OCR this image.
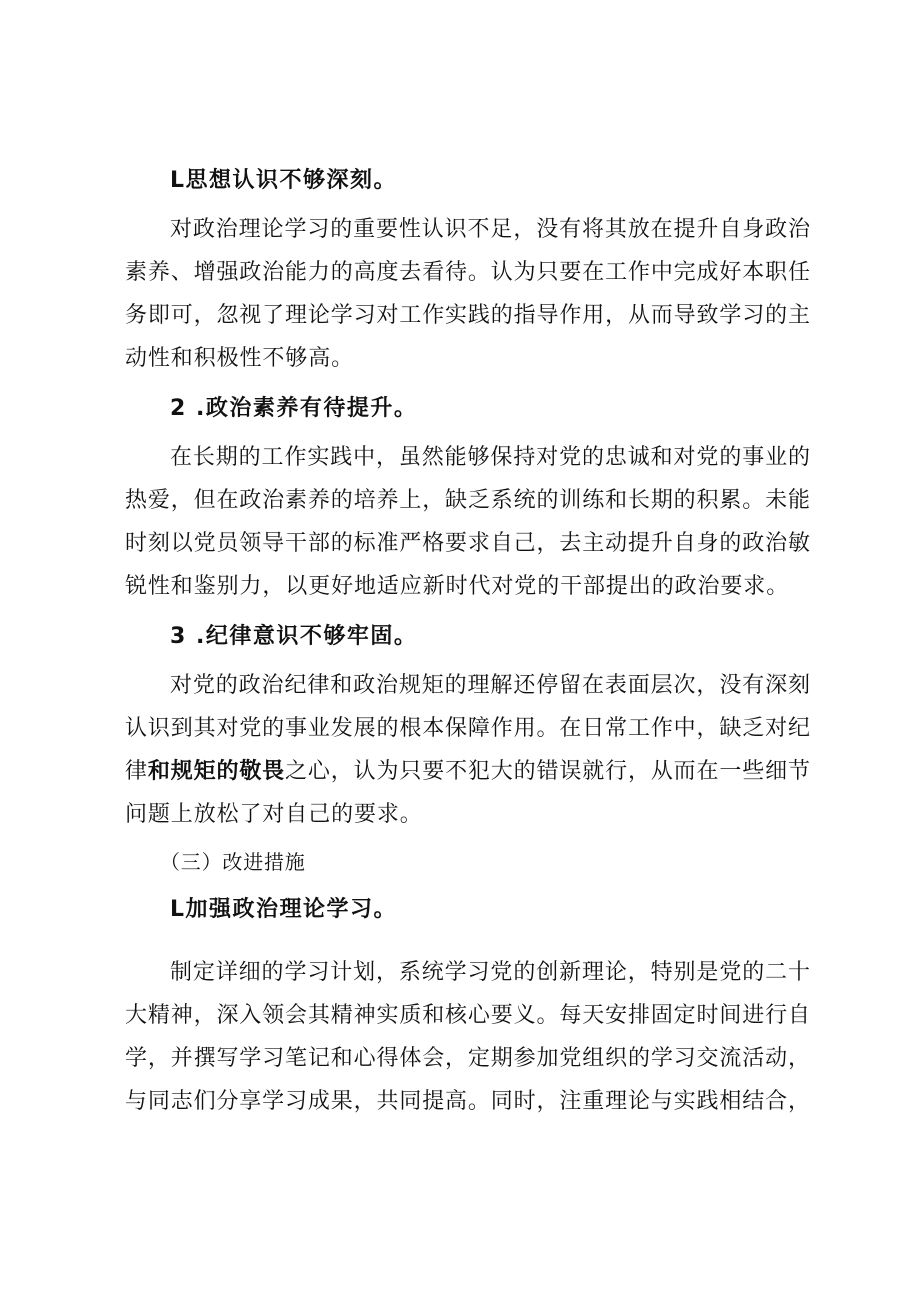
L思想认识不够深刻。
对政治理论学习的重要性认识不足，没有将其放在提升自身政治
素养、增强政治能力的高度去看待。认为只要在工作中完成好本职任
务即可，忽视了理论学习对工作实践的指导作用，从而导致学习的主
动性和积极性不够高。
2 .政治素养有待提升。
在长期的工作实践中，虽然能够保持对党的忠诚和对党的事业的
热爱，但在政治素养的培养上，缺乏系统的训练和长期的积累。未能
时刻以党员领导干部的标准严格要求自己，去主动提升自身的政治敏
锐性和鉴别力，以更好地适应新时代对党的干部提出的政治要求。
3 .纪律意识不够牢固。
对党的政治纪律和政治规矩的理解还停留在表面层次，没有深刻
认识到其对党的事业发展的根本保障作用。在日常工作中，缺乏对纪
律和规矩的敬畏之心，认为只要不犯大的错误就行，从而在一些细节
问题上放松了对自己的要求。
（三）改进措施
L加强政治理论学习。
制定详细的学习计划，系统学习党的创新理论，特别是党的二十
大精神，深入领会其精神实质和核心要义。每天安排固定时间进行自
学，并撰写学习笔记和心得体会，定期参加党组织的学习交流活动，
与同志们分享学习成果，共同提高。同时，注重理论与实践相结合，
